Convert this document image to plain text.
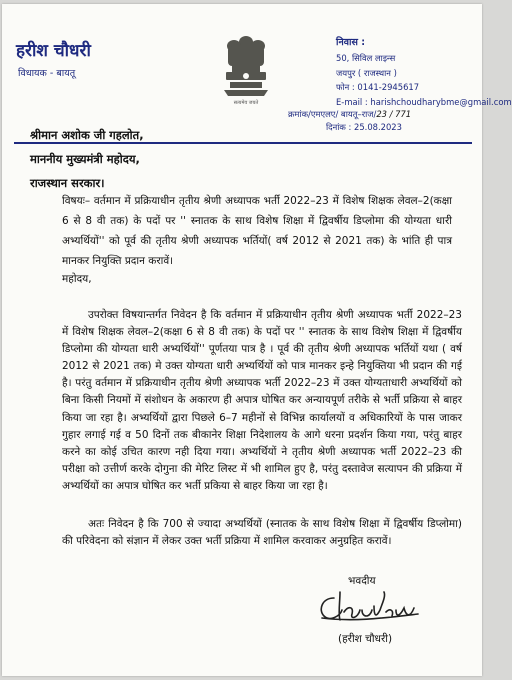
हरीश चौधरी
विधायक - बायतू
सत्यमेव जयते
निवास :
50, सिविल लाइन्स
जयपुर ( राजस्थान )
फोन : 0141-2945617
E-mail : harishchoudharybme@gmail.com
क्रमांक/एमएलए/ बायतू–राज/23 / 771
दिनांक : 25.08.2023
श्रीमान अशोक जी गहलोत,
माननीय मुख्यमंत्री महोदय,
राजस्थान सरकार।
विषयः– वर्तमान में प्रक्रियाधीन तृतीय श्रेणी अध्यापक भर्ती 2022–23 में विशेष शिक्षक लेवल–2(कक्षा 6 से 8 वी तक) के पदों पर '' स्नातक के साथ विशेष शिक्षा में द्विवर्षीय डिप्लोमा की योग्यता धारी अभ्यर्थियों'' को पूर्व की तृतीय श्रेणी अध्यापक भर्तियों( वर्ष 2012 से 2021 तक) के भांति ही पात्र मानकर नियुक्ति प्रदान करावें।
महोदय,
उपरोक्त विषयान्तर्गत निवेदन है कि वर्तमान में प्रक्रियाधीन तृतीय श्रेणी अध्यापक भर्ती 2022–23 में विशेष शिक्षक लेवल–2(कक्षा 6 से 8 वी तक) के पदों पर '' स्नातक के साथ विशेष शिक्षा में द्विवर्षीय डिप्लोमा की योग्यता धारी अभ्यर्थियों'' पूर्णतया पात्र है । पूर्व की तृतीय श्रेणी अध्यापक भर्तियों यथा ( वर्ष 2012 से 2021 तक) मे उक्त योग्यता धारी अभ्यर्थियों को पात्र मानकर इन्हे नियुक्तिया भी प्रदान की गई है। परंतु वर्तमान में प्रक्रियाधीन तृतीय श्रेणी अध्यापक भर्ती 2022–23 में उक्त योग्यताधारी अभ्यर्थियों को बिना किसी नियमों में संशोधन के अकारण ही अपात्र घोषित कर अन्यायपूर्ण तरीके से भर्ती प्रक्रिया से बाहर किया जा रहा है। अभ्यर्थियों द्वारा पिछले 6–7 महीनों से विभिन्न कार्यालयों व अधिकारियों के पास जाकर गुहार लगाई गई व 50 दिनों तक बीकानेर शिक्षा निदेशालय के आगे धरना प्रदर्शन किया गया, परंतु बाहर करने का कोई उचित कारण नही दिया गया। अभ्यर्थियों ने तृतीय श्रेणी अध्यापक भर्ती 2022–23 की परीक्षा को उत्तीर्ण करके दोगुना की मेरिट लिस्ट में भी शामिल हुए है, परंतु दस्तावेज सत्यापन की प्रक्रिया में अभ्यर्थियों का अपात्र घोषित कर भर्ती प्रकिया से बाहर किया जा रहा है।
अतः निवेदन है कि 700 से ज्यादा अभ्यर्थियों (स्नातक के साथ विशेष शिक्षा में द्विवर्षीय डिप्लोमा) की परिवेदना को संज्ञान में लेकर उक्त भर्ती प्रक्रिया में शामिल करवाकर अनुग्रहित करावें।
भवदीय
(हरीश चौधरी)
